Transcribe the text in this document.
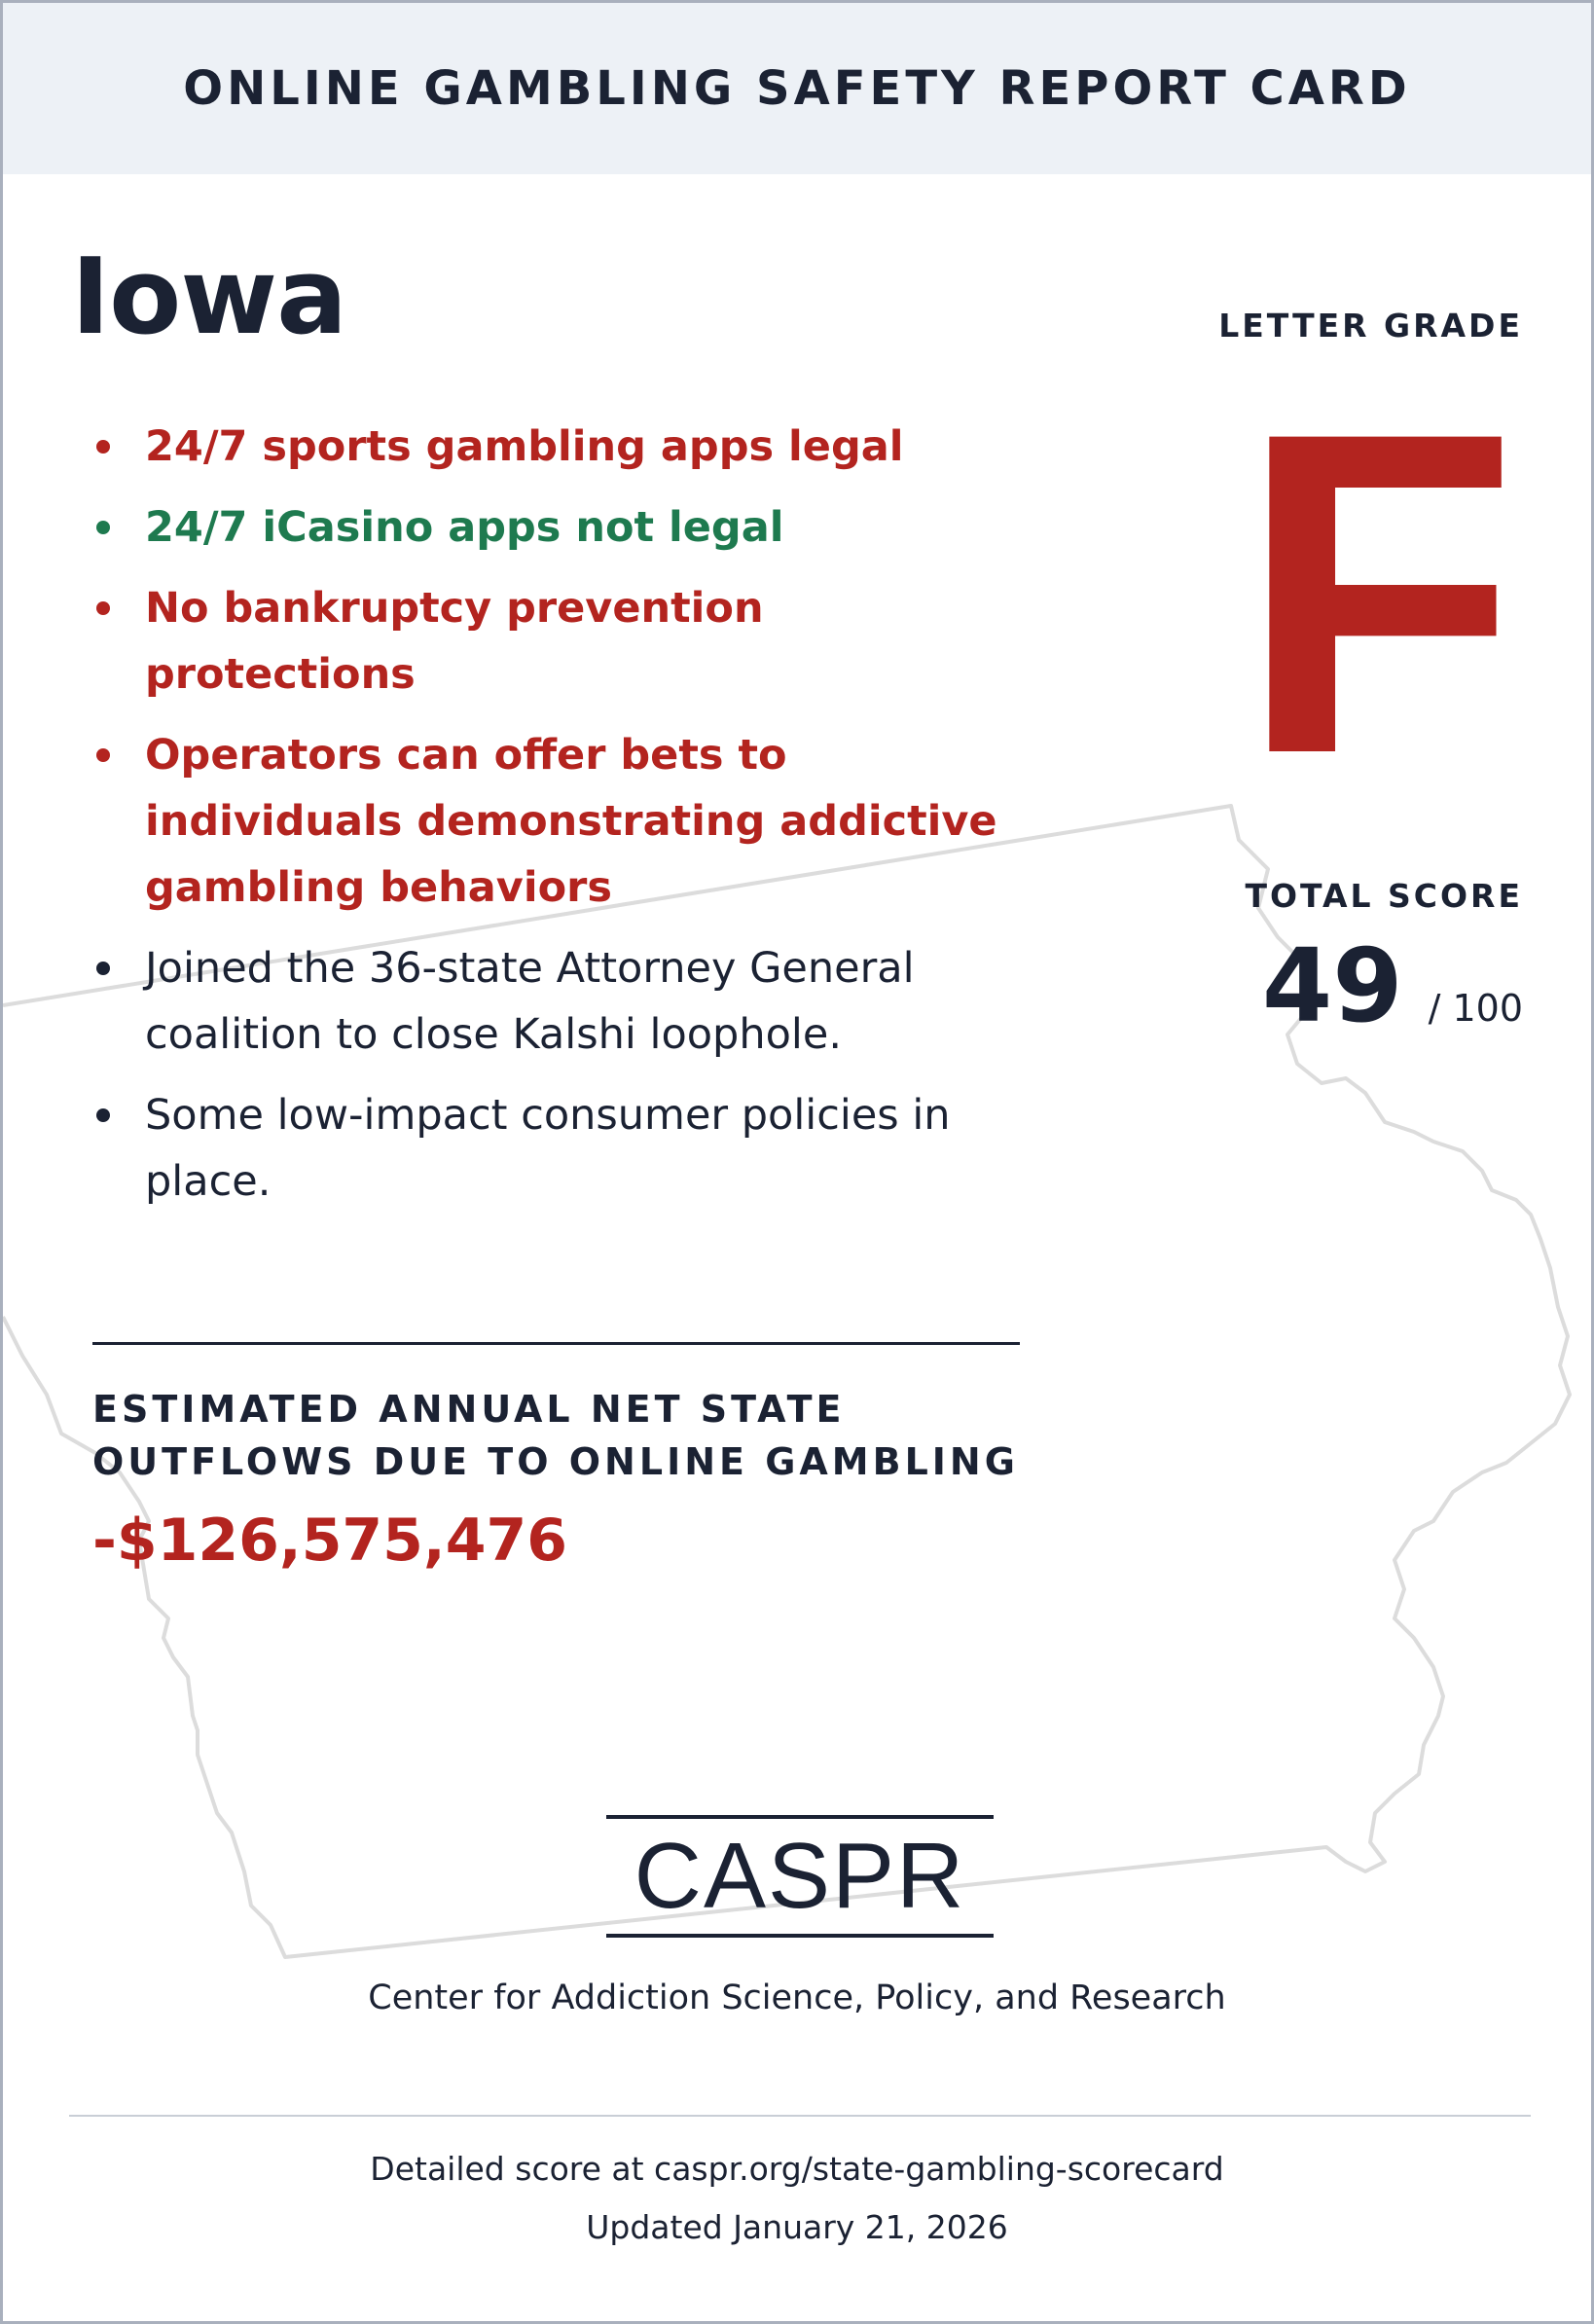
ONLINE GAMBLING SAFETY REPORT CARD
Iowa	LETTER GRADE
F
TOTAL SCORE
49 / 100
24/7 sports gambling apps legal
24/7 iCasino apps not legal
No bankruptcy prevention protections
Operators can offer bets to individuals demonstrating addictive gambling behaviors
Joined the 36-state Attorney General coalition to close Kalshi loophole.
Some low-impact consumer policies in place.
ESTIMATED ANNUAL NET STATE OUTFLOWS DUE TO ONLINE GAMBLING
-$126,575,476
CASPR
Center for Addiction Science, Policy, and Research
Detailed score at caspr.org/state-gambling-scorecard
Updated January 21, 2026
